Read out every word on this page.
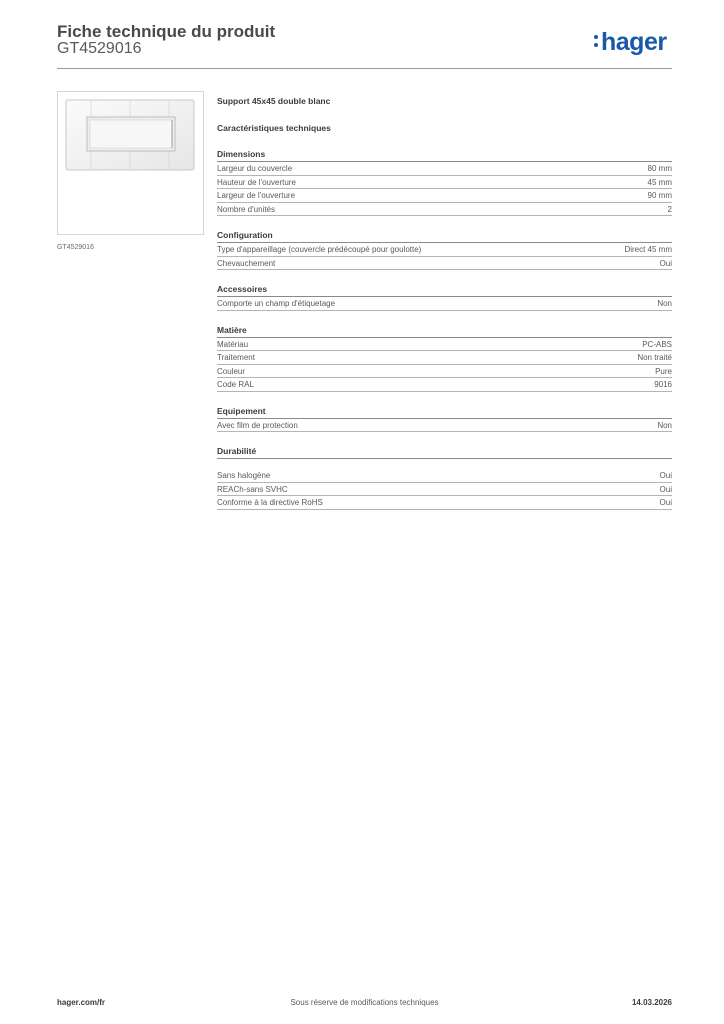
Fiche technique du produit
GT4529016	hager
GT4529016
Support 45x45 double blanc
Caractéristiques techniques
Dimensions
Largeur du couvercle	80 mm
Hauteur de l'ouverture	45 mm
Largeur de l'ouverture	90 mm
Nombre d'unités	2
Configuration
Type d'appareillage (couvercle prédécoupé pour goulotte)	Direct 45 mm
Chevauchement	Oui
Accessoires
Comporte un champ d'étiquetage	Non
Matière
Matériau	PC-ABS
Traitement	Non traité
Couleur	Pure
Code RAL	9016
Equipement
Avec film de protection	Non
Durabilité
Sans halogène	Oui
REACh-sans SVHC	Oui
Conforme à la directive RoHS	Oui
Sous réserve de modifications techniques
hager.com/fr	14.03.2026
